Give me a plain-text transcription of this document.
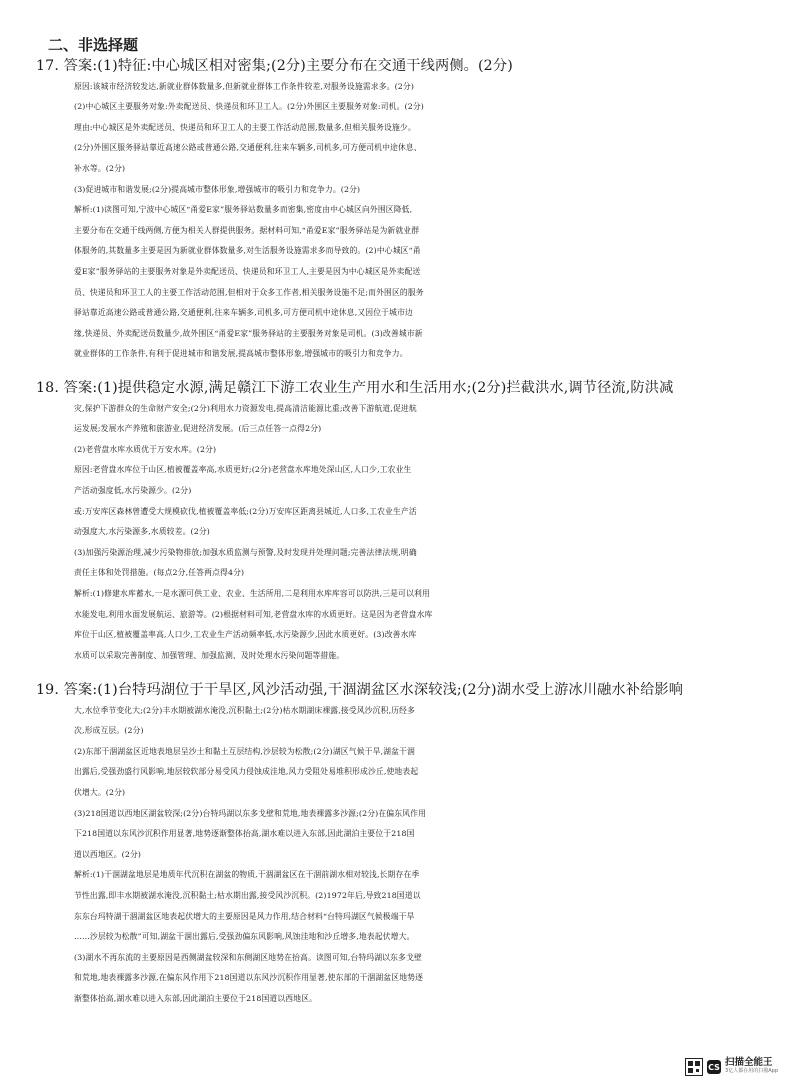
二、非选择题
17. 答案:(1)特征:中心城区相对密集;(2分)主要分布在交通干线两侧。(2分)
原因:该城市经济较发达,新就业群体数量多,但新就业群体工作条件较差,对服务设施需求多。(2分)
(2)中心城区主要服务对象:外卖配送员、快递员和环卫工人。(2分)外围区主要服务对象:司机。(2分)
理由:中心城区是外卖配送员、快递员和环卫工人的主要工作活动范围,数量多,但相关服务设施少。
(2分)外围区服务驿站靠近高速公路或普通公路,交通便利,往来车辆多,司机多,可方便司机中途休息、
补水等。(2分)
(3)促进城市和谐发展;(2分)提高城市整体形象,增强城市的吸引力和竞争力。(2分)
解析:(1)读图可知,宁波中心城区“甬爱E家”服务驿站数量多而密集,密度由中心城区向外围区降低,
主要分布在交通干线两侧,方便为相关人群提供服务。据材料可知,“甬爱E家”服务驿站是为新就业群
体服务的,其数量多主要是因为新就业群体数量多,对生活服务设施需求多而导致的。(2)中心城区“甬
爱E家”服务驿站的主要服务对象是外卖配送员、快递员和环卫工人,主要是因为中心城区是外卖配送
员、快递员和环卫工人的主要工作活动范围,但相对于众多工作者,相关服务设施不足;而外围区的服务
驿站靠近高速公路或普通公路,交通便利,往来车辆多,司机多,可方便司机中途休息,又因位于城市边
缘,快递员、外卖配送员数量少,故外围区“甬爱E家”服务驿站的主要服务对象是司机。(3)改善城市新
就业群体的工作条件,有利于促进城市和谐发展,提高城市整体形象,增强城市的吸引力和竞争力。
18. 答案:(1)提供稳定水源,满足赣江下游工农业生产用水和生活用水;(2分)拦截洪水,调节径流,防洪减
灾,保护下游群众的生命财产安全;(2分)利用水力资源发电,提高清洁能源比重;改善下游航道,促进航
运发展;发展水产养殖和旅游业,促进经济发展。(后三点任答一点得2分)
(2)老营盘水库水质优于万安水库。(2分)
原因:老营盘水库位于山区,植被覆盖率高,水质更好;(2分)老营盘水库地处深山区,人口少,工农业生
产活动强度低,水污染源少。(2分)
或:万安库区森林曾遭受大规模砍伐,植被覆盖率低;(2分)万安库区距离县城近,人口多,工农业生产活
动强度大,水污染源多,水质较差。(2分)
(3)加强污染源治理,减少污染物排放;加强水质监测与预警,及时发现并处理问题;完善法律法规,明确
责任主体和处罚措施。(每点2分,任答两点得4分)
解析:(1)修建水库蓄水,一是水源可供工业、农业、生活所用,二是利用水库库容可以防洪,三是可以利用
水能发电,利用水面发展航运、旅游等。(2)根据材料可知,老营盘水库的水质更好。这是因为老营盘水库
库位于山区,植被覆盖率高,人口少,工农业生产活动频率低,水污染源少,因此水质更好。(3)改善水库
水质可以采取完善制度、加强管理、加强监测、及时处理水污染问题等措施。
19. 答案:(1)台特玛湖位于干旱区,风沙活动强,干涸湖盆区水深较浅;(2分)湖水受上游冰川融水补给影响
大,水位季节变化大;(2分)丰水期被湖水淹没,沉积黏土;(2分)枯水期湖床裸露,接受风沙沉积,历经多
次,形成互层。(2分)
(2)东部干涸湖盆区近地表地层呈沙土和黏土互层结构,沙层较为松散;(2分)湖区气候干旱,湖盆干涸
出露后,受强劲盛行风影响,地层较软部分易受风力侵蚀成洼地,风力受阻处易堆积形成沙丘,使地表起
伏增大。(2分)
(3)218国道以西地区湖盆较深;(2分)台特玛湖以东多戈壁和荒地,地表裸露多沙源;(2分)在偏东风作用
下218国道以东风沙沉积作用显著,地势逐渐整体抬高,湖水难以进入东部,因此湖泊主要位于218国
道以西地区。(2分)
解析:(1)干涸湖盆地层是地质年代沉积在湖盆的物质,干涸湖盆区在干涸前湖水相对较浅,长期存在季
节性出露,即丰水期被湖水淹没,沉积黏土;枯水期出露,接受风沙沉积。(2)1972年后,导致218国道以
东东台玛特湖干涸湖盆区地表起伏增大的主要原因是风力作用,结合材料“台特玛湖区气候极端干旱
……沙层较为松散”可知,湖盆干涸出露后,受强劲偏东风影响,风蚀洼地和沙丘增多,地表起伏增大。
(3)湖水不再东流的主要原因是西侧湖盆较深和东侧湖区地势在抬高。读图可知,台特玛湖以东多戈壁
和荒地,地表裸露多沙源,在偏东风作用下218国道以东风沙沉积作用显著,使东部的干涸湖盆区地势逐
渐整体抬高,湖水难以进入东部,因此湖泊主要位于218国道以西地区。
CS 扫描全能王
3亿人都在用的扫描App
